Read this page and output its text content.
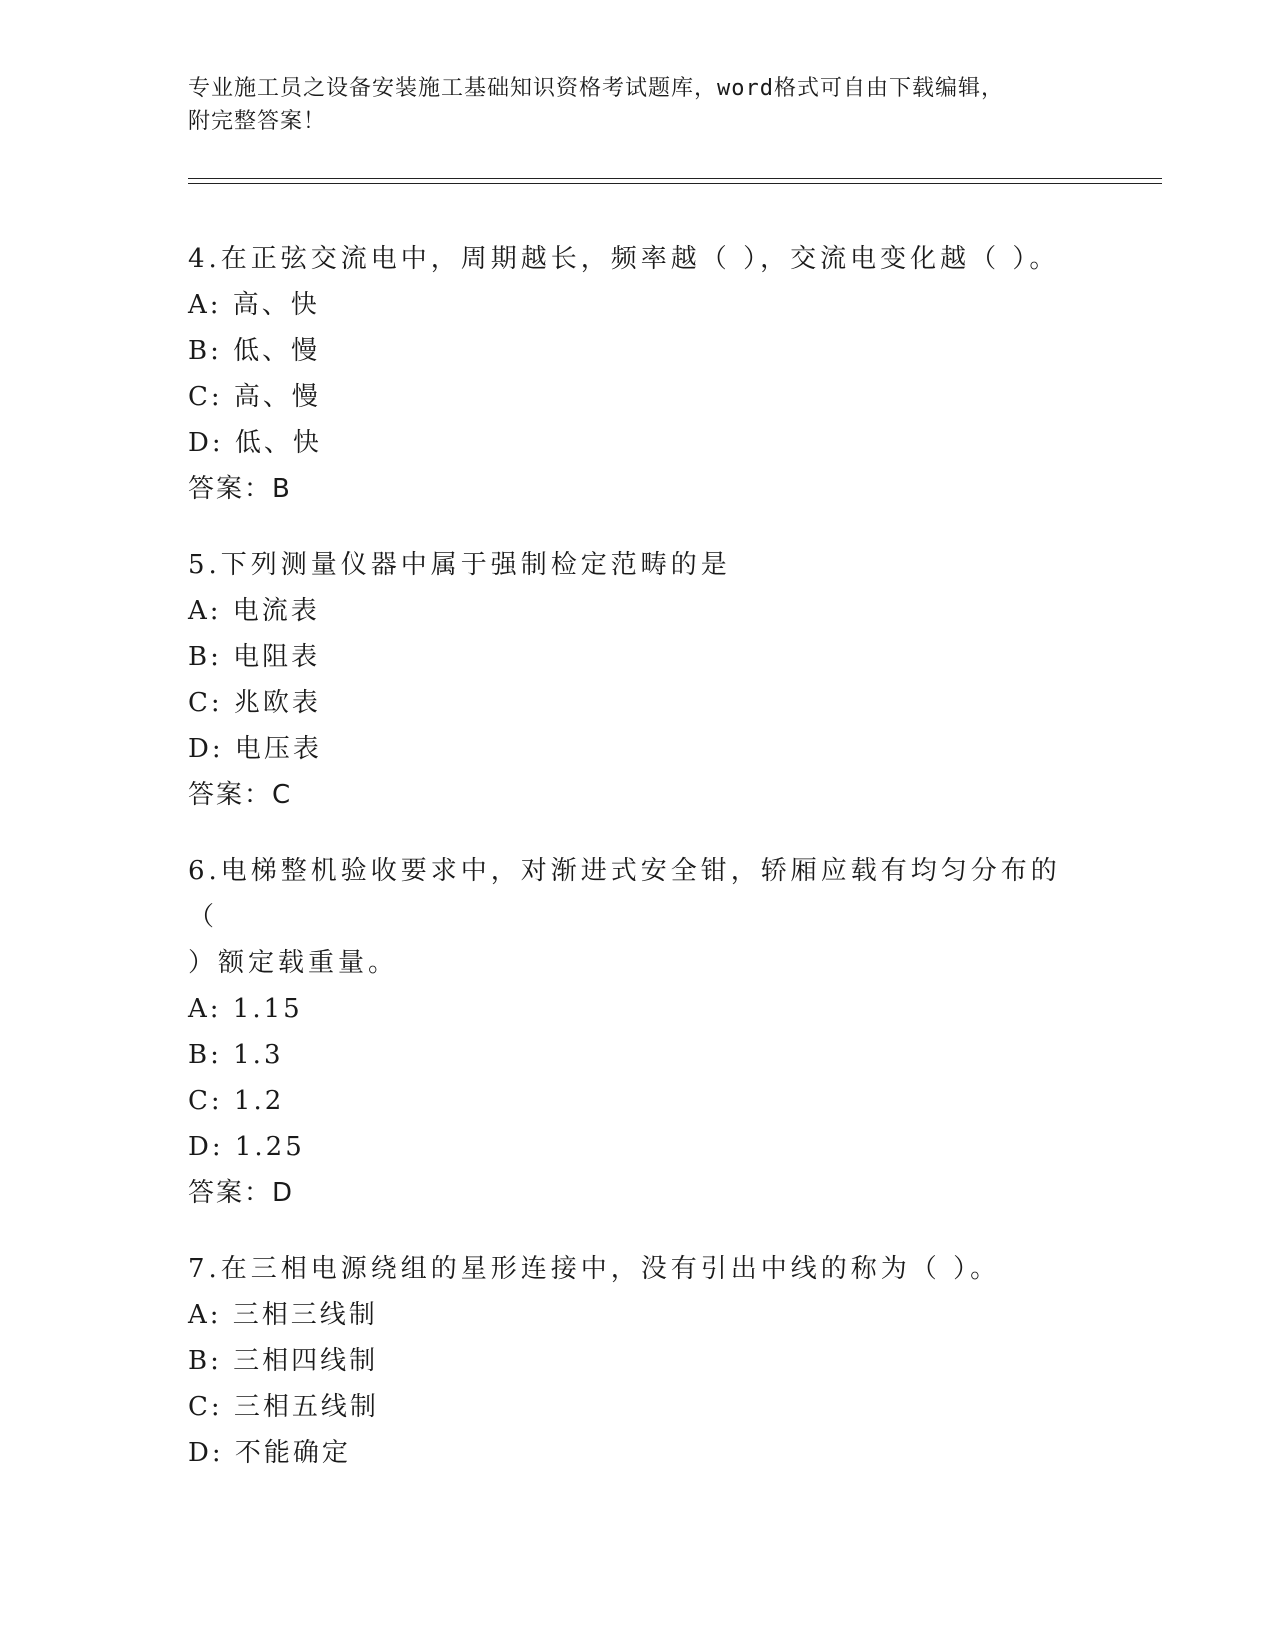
专业施工员之设备安装施工基础知识资格考试题库，word格式可自由下载编辑，
附完整答案！
4.在正弦交流电中，周期越长，频率越（ ），交流电变化越（ ）。
A: 高、快
B: 低、慢
C: 高、慢
D: 低、快
答案：B
5.下列测量仪器中属于强制检定范畴的是
A: 电流表
B: 电阻表
C: 兆欧表
D: 电压表
答案：C
6.电梯整机验收要求中，对渐进式安全钳，轿厢应载有均匀分布的（
）额定载重量。
A: 1.15
B: 1.3
C: 1.2
D: 1.25
答案：D
7.在三相电源绕组的星形连接中，没有引出中线的称为（ ）。
A: 三相三线制
B: 三相四线制
C: 三相五线制
D: 不能确定
